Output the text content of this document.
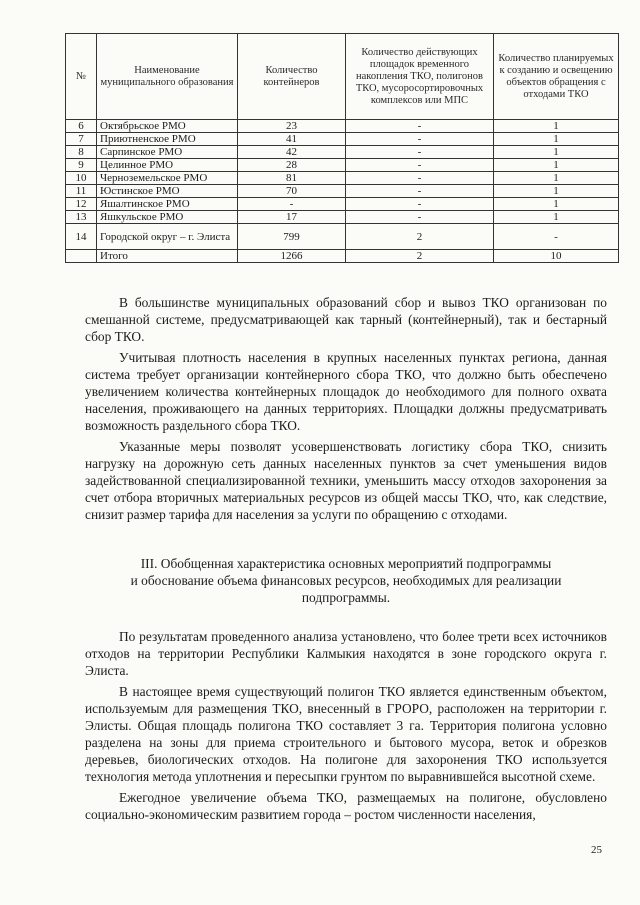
№	Наименование муниципального образования	Количество контейнеров	Количество действующих площадок временного накопления ТКО, полигонов ТКО, мусоросортировочных комплексов или МПС	Количество планируемых к созданию и освещению объектов обращения с отходами ТКО
6	Октябрьское РМО	23	-	1
7	Приютненское РМО	41	-	1
8	Сарпинское РМО	42	-	1
9	Целинное РМО	28	-	1
10	Черноземельское РМО	81	-	1
11	Юстинское РМО	70	-	1
12	Яшалтинское РМО	-	-	1
13	Яшкульское РМО	17	-	1
14	Городской округ – г. Элиста	799	2	-
	Итого	1266	2	10

В большинстве муниципальных образований сбор и вывоз ТКО организован по смешанной системе, предусматривающей как тарный (контейнерный), так и бестарный сбор ТКО.

Учитывая плотность населения в крупных населенных пунктах региона, данная система требует организации контейнерного сбора ТКО, что должно быть обеспечено увеличением количества контейнерных площадок до необходимого для полного охвата населения, проживающего на данных территориях. Площадки должны предусматривать возможность раздельного сбора ТКО.

Указанные меры позволят усовершенствовать логистику сбора ТКО, снизить нагрузку на дорожную сеть данных населенных пунктов за счет уменьшения видов задействованной специализированной техники, уменьшить массу отходов захоронения за счет отбора вторичных материальных ресурсов из общей массы ТКО, что, как следствие, снизит размер тарифа для населения за услуги по обращению с отходами.

III. Обобщенная характеристика основных мероприятий подпрограммы
и обоснование объема финансовых ресурсов, необходимых для реализации
подпрограммы.

По результатам проведенного анализа установлено, что более трети всех источников отходов на территории Республики Калмыкия находятся в зоне городского округа г. Элиста.

В настоящее время существующий полигон ТКО является единственным объектом, используемым для размещения ТКО, внесенный в ГРОРО, расположен на территории г. Элисты. Общая площадь полигона ТКО составляет 3 га. Территория полигона условно разделена на зоны для приема строительного и бытового мусора, веток и обрезков деревьев, биологических отходов. На полигоне для захоронения ТКО используется технология метода уплотнения и пересыпки грунтом по выравнившейся высотной схеме.

Ежегодное увеличение объема ТКО, размещаемых на полигоне, обусловлено социально-экономическим развитием города – ростом численности населения,

25
